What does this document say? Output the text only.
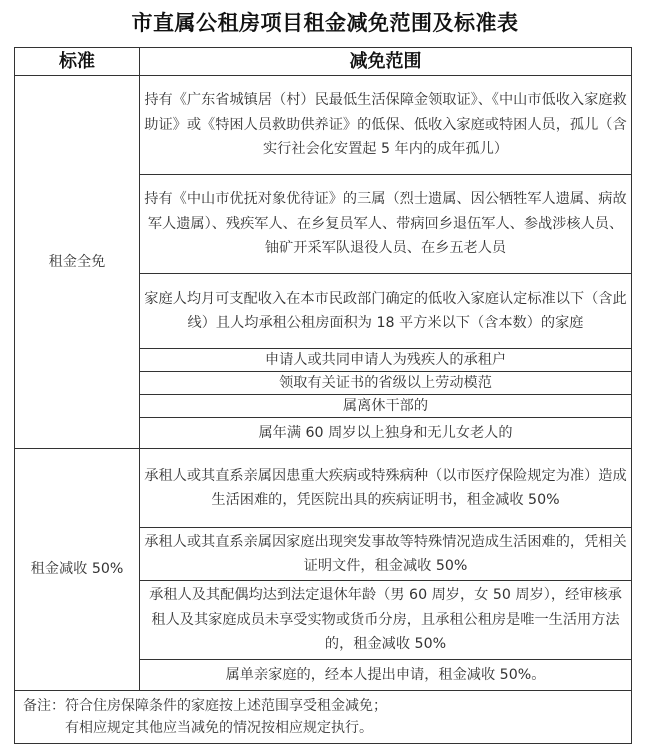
市直属公租房项目租金减免范围及标准表
标准	减免范围
租金全免	持有《广东省城镇居（村）民最低生活保障金领取证》、《中山市低收入家庭救助证》或《特困人员救助供养证》的低保、低收入家庭或特困人员，孤儿（含实行社会化安置起 5 年内的成年孤儿）
	持有《中山市优抚对象优待证》的三属（烈士遗属、因公牺牲军人遗属、病故军人遗属）、残疾军人、在乡复员军人、带病回乡退伍军人、参战涉核人员、铀矿开采军队退役人员、在乡五老人员
	家庭人均月可支配收入在本市民政部门确定的低收入家庭认定标准以下（含此线）且人均承租公租房面积为 18 平方米以下（含本数）的家庭
	申请人或共同申请人为残疾人的承租户
	领取有关证书的省级以上劳动模范
	属离休干部的
	属年满 60 周岁以上独身和无儿女老人的
租金减收 50%	承租人或其直系亲属因患重大疾病或特殊病种（以市医疗保险规定为准）造成生活困难的，凭医院出具的疾病证明书，租金减收 50%
	承租人或其直系亲属因家庭出现突发事故等特殊情况造成生活困难的，凭相关证明文件，租金减收 50%
	承租人及其配偶均达到法定退休年龄（男 60 周岁，女 50 周岁），经审核承租人及其家庭成员未享受实物或货币分房，且承租公租房是唯一生活用方法的，租金减收 50%
	属单亲家庭的，经本人提出申请，租金减收 50%。
备注：符合住房保障条件的家庭按上述范围享受租金减免；
有相应规定其他应当减免的情况按相应规定执行。	
